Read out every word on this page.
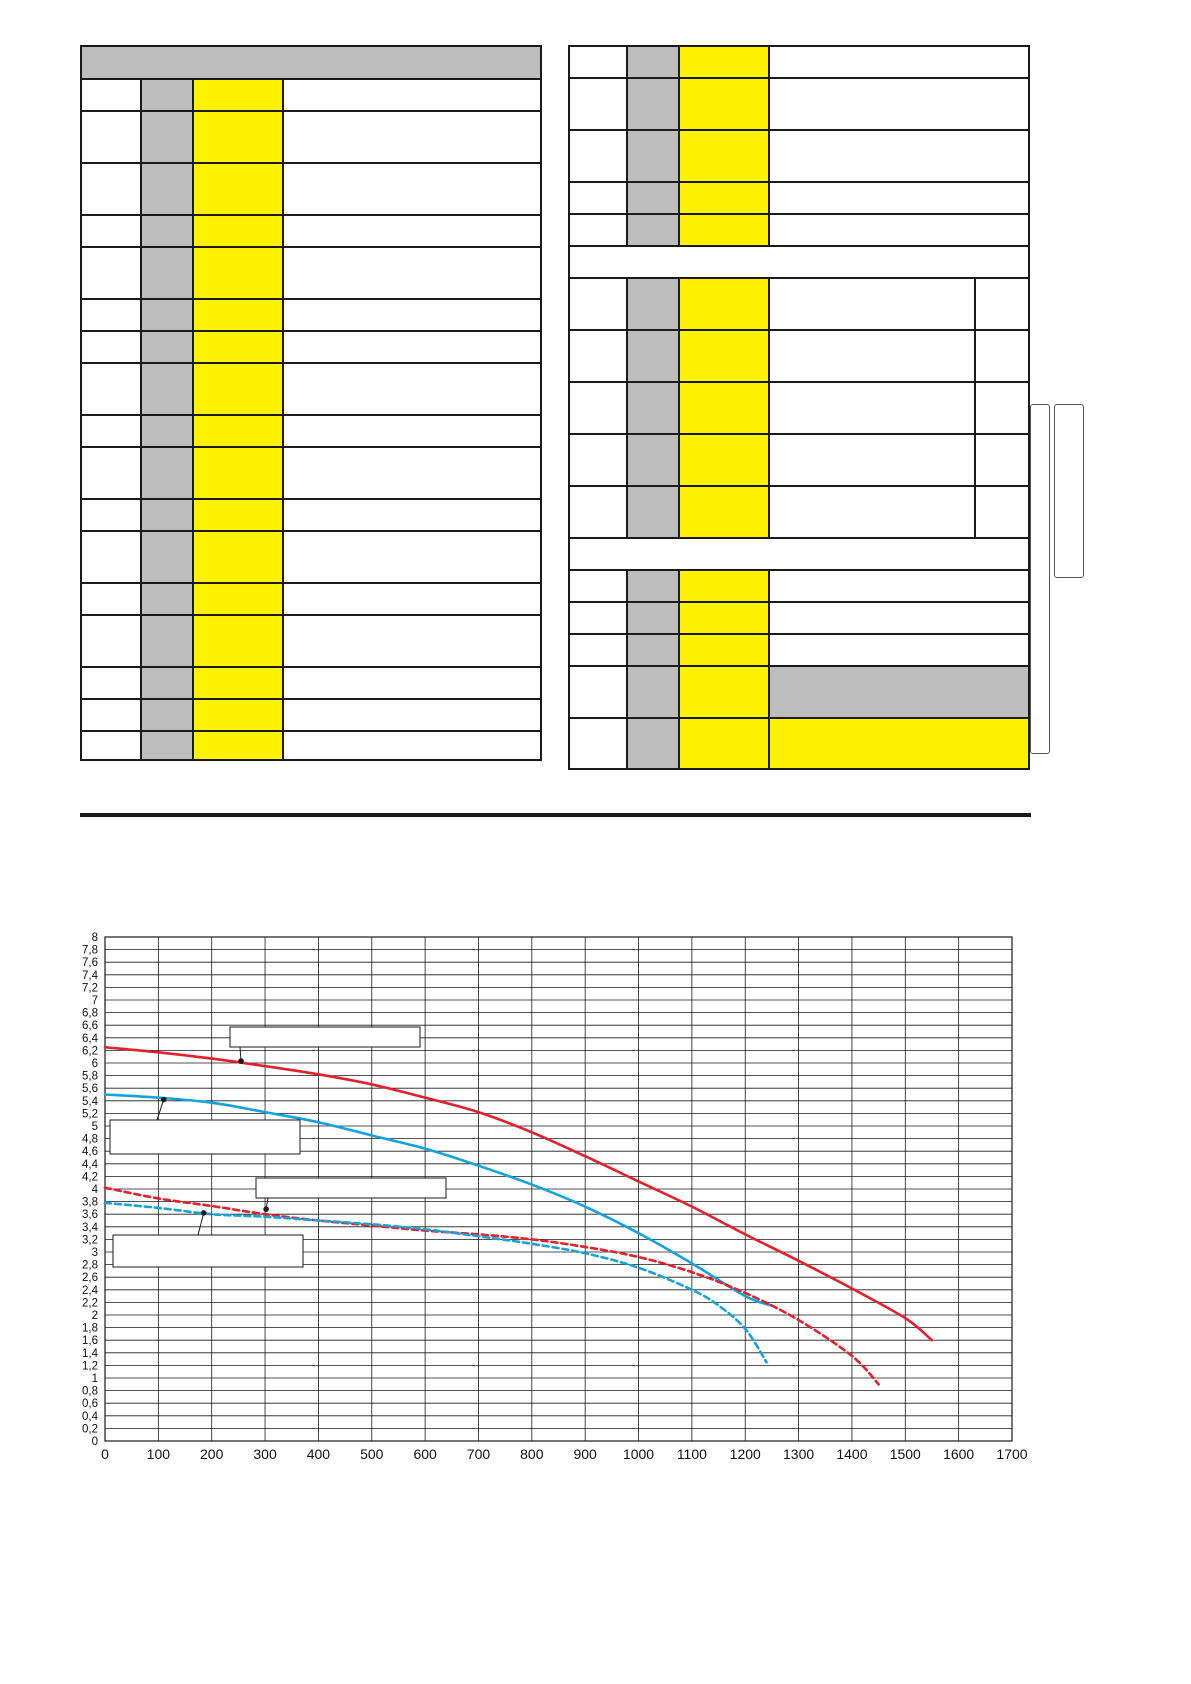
0
0,2
0,4
0,6
0,8
1
1,2
1,4
1,6
1,8
2
2,2
2,4
2,6
2,8
3
3,2
3,4
3,6
3,8
4
4,2
4,4
4,6
4,8
5
5,2
5,4
5,6
5,8
6
6,2
6,4
6,6
6,8
7
7,2
7,4
7,6
7,8
8
0	100 200 300 400 500 600 700 800 900 1000 1100 1200 1300 1400 1500 1600 1700
